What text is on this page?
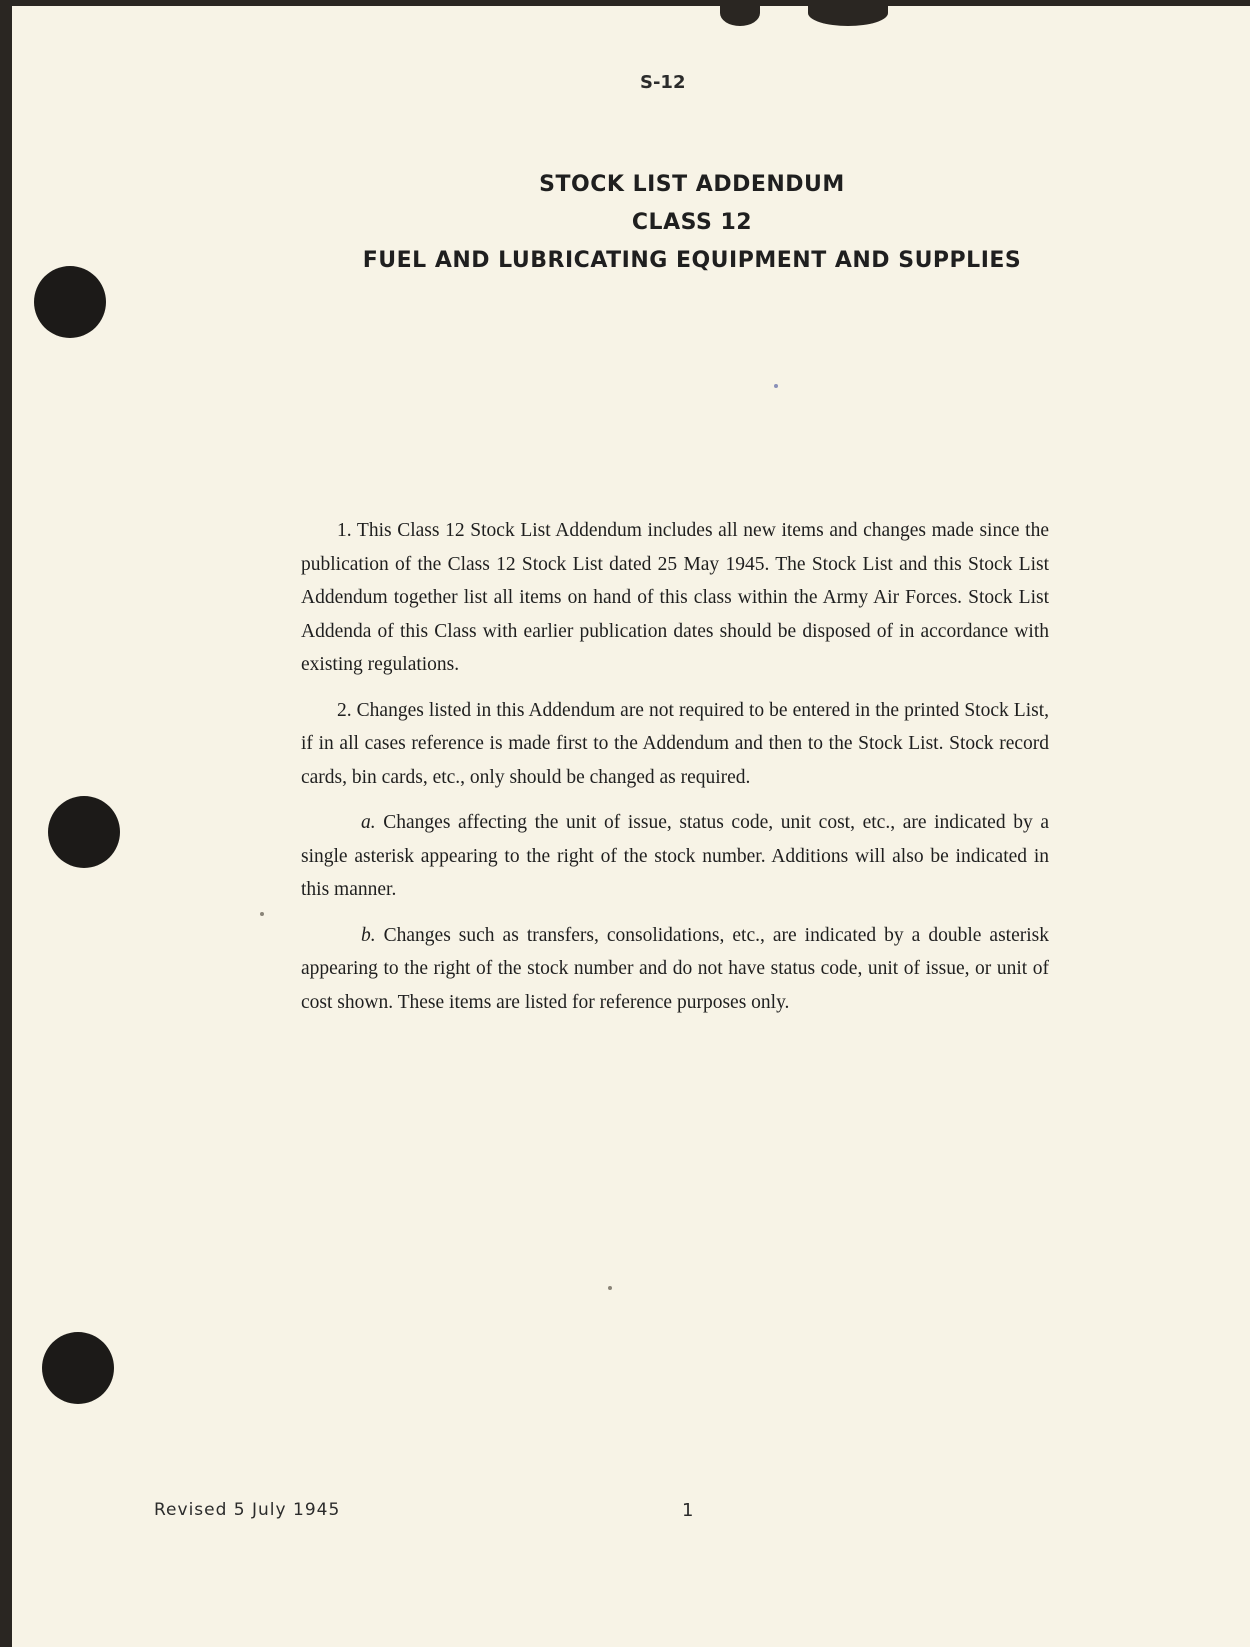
S-12
STOCK LIST ADDENDUM
CLASS 12
FUEL AND LUBRICATING EQUIPMENT AND SUPPLIES

1. This Class 12 Stock List Addendum includes all new items and changes made since the publication of the Class 12 Stock List dated 25 May 1945. The Stock List and this Stock List Addendum together list all items on hand of this class within the Army Air Forces. Stock List Addenda of this Class with earlier publication dates should be disposed of in accordance with existing regulations.

2. Changes listed in this Addendum are not required to be entered in the printed Stock List, if in all cases reference is made first to the Addendum and then to the Stock List. Stock record cards, bin cards, etc., only should be changed as required.

a. Changes affecting the unit of issue, status code, unit cost, etc., are indicated by a single asterisk appearing to the right of the stock number. Additions will also be indicated in this manner.

b. Changes such as transfers, consolidations, etc., are indicated by a double asterisk appearing to the right of the stock number and do not have status code, unit of issue, or unit of cost shown. These items are listed for reference purposes only.

Revised 5 July 1945	1
